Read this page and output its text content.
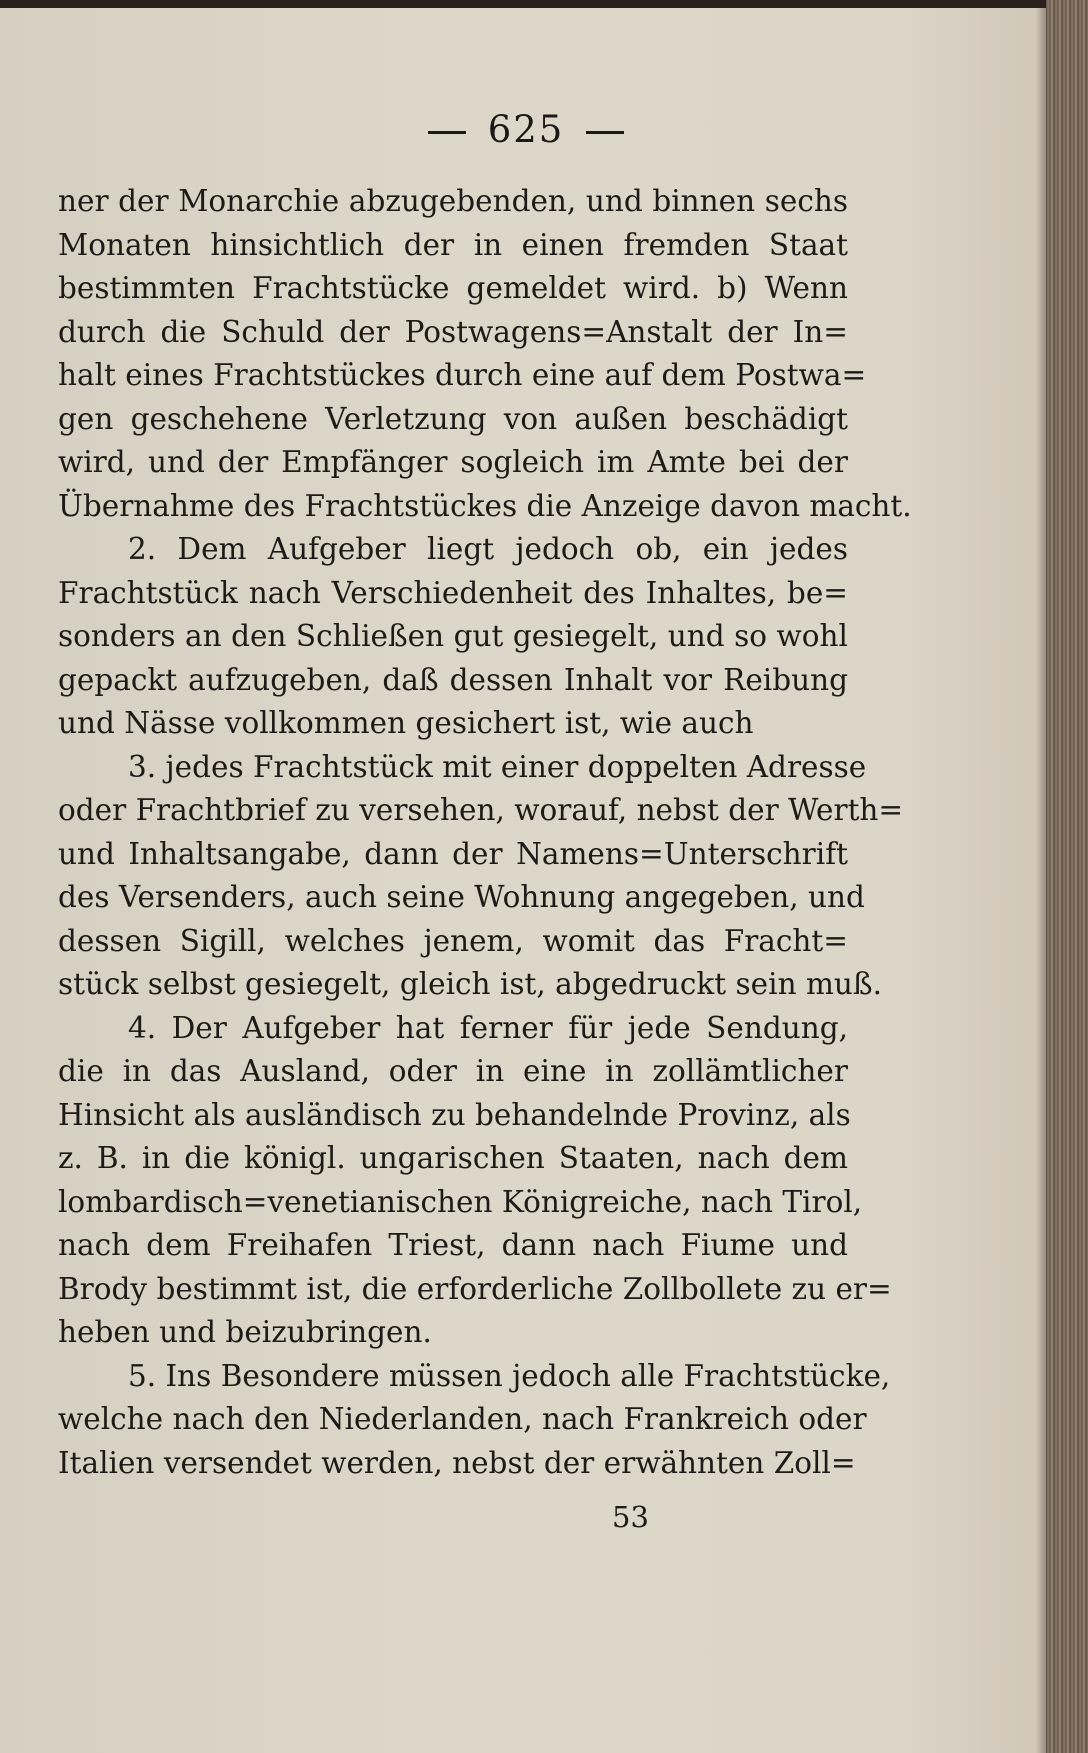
625
ner der Monarchie abzugebenden, und binnen sechs
Monaten hinsichtlich der in einen fremden Staat
bestimmten Frachtstücke gemeldet wird. b) Wenn
durch die Schuld der Postwagens=Anstalt der In=
halt eines Frachtstückes durch eine auf dem Postwa=
gen geschehene Verletzung von außen beschädigt
wird, und der Empfänger sogleich im Amte bei der
Übernahme des Frachtstückes die Anzeige davon macht.
2. Dem Aufgeber liegt jedoch ob, ein jedes
Frachtstück nach Verschiedenheit des Inhaltes, be=
sonders an den Schließen gut gesiegelt, und so wohl
gepackt aufzugeben, daß dessen Inhalt vor Reibung
und Nässe vollkommen gesichert ist, wie auch
3. jedes Frachtstück mit einer doppelten Adresse
oder Frachtbrief zu versehen, worauf, nebst der Werth=
und Inhaltsangabe, dann der Namens=Unterschrift
des Versenders, auch seine Wohnung angegeben, und
dessen Sigill, welches jenem, womit das Fracht=
stück selbst gesiegelt, gleich ist, abgedruckt sein muß.
4. Der Aufgeber hat ferner für jede Sendung,
die in das Ausland, oder in eine in zollämtlicher
Hinsicht als ausländisch zu behandelnde Provinz, als
z. B. in die königl. ungarischen Staaten, nach dem
lombardisch=venetianischen Königreiche, nach Tirol,
nach dem Freihafen Triest, dann nach Fiume und
Brody bestimmt ist, die erforderliche Zollbollete zu er=
heben und beizubringen.
5. Ins Besondere müssen jedoch alle Frachtstücke,
welche nach den Niederlanden, nach Frankreich oder
Italien versendet werden, nebst der erwähnten Zoll=
53
